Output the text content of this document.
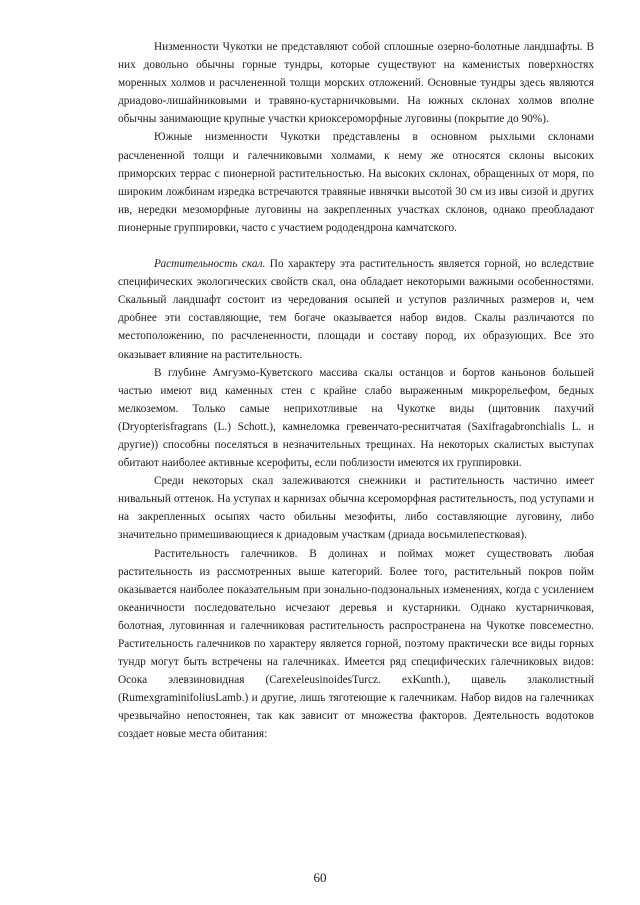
Низменности Чукотки не представляют собой сплошные озерно-болотные ландшафты. В них довольно обычны горные тундры, которые существуют на каменистых поверхностях моренных холмов и расчлененной толщи морских отложений. Основные тундры здесь являются дриадово-лишайниковыми и травяно-кустарничковыми. На южных склонах холмов вполне обычны занимающие крупные участки криоксероморфные луговины (покрытие до 90%).

Южные низменности Чукотки представлены в основном рыхлыми склонами расчлененной толщи и галечниковыми холмами, к нему же относятся склоны высоких приморских террас с пионерной растительностью. На высоких склонах, обращенных от моря, по широким ложбинам изредка встречаются травяные ивнячки высотой 30 см из ивы сизой и других ив, нередки мезоморфные луговины на закрепленных участках склонов, однако преобладают пионерные группировки, часто с участием рододендрона камчатского.

Растительность скал. По характеру эта растительность является горной, но вследствие специфических экологических свойств скал, она обладает некоторыми важными особенностями. Скальный ландшафт состоит из чередования осыпей и уступов различных размеров и, чем дробнее эти составляющие, тем богаче оказывается набор видов. Скалы различаются по местоположению, по расчлененности, площади и составу пород, их образующих. Все это оказывает влияние на растительность.

В глубине Амгуэмо-Куветского массива скалы останцов и бортов каньонов большей частью имеют вид каменных стен с крайне слабо выраженным микрорельефом, бедных мелкоземом. Только самые неприхотливые на Чукотке виды (щитовник пахучий (Dryopterisfragrans (L.) Schott.), камнеломка гревенчато-реснитчатая (Saxifragabronchialis L. и другие)) способны поселяться в незначительных трещинах. На некоторых скалистых выступах обитают наиболее активные ксерофиты, если поблизости имеются их группировки.

Среди некоторых скал залеживаются снежники и растительность частично имеет нивальный оттенок. На уступах и карнизах обычна ксероморфная растительность, под уступами и на закрепленных осыпях часто обильны мезофиты, либо составляющие луговину, либо значительно примешивающиеся к дриадовым участкам (дриада восьмилепестковая).

Растительность галечников. В долинах и поймах может существовать любая растительность из рассмотренных выше категорий. Более того, растительный покров пойм оказывается наиболее показательным при зонально-подзональных изменениях, когда с усилением океаничности последовательно исчезают деревья и кустарники. Однако кустарничковая, болотная, луговинная и галечниковая растительность распространена на Чукотке повсеместно. Растительность галечников по характеру является горной, поэтому практически все виды горных тундр могут быть встречены на галечниках. Имеется ряд специфических галечниковых видов: Осока элевзиновидная (CarexeleusinoidesTurcz. exKunth.), щавель злаколистный (RumexgraminifoliusLamb.) и другие, лишь тяготеющие к галечникам. Набор видов на галечниках чрезвычайно непостоянен, так как зависит от множества факторов. Деятельность водотоков создает новые места обитания:

60
